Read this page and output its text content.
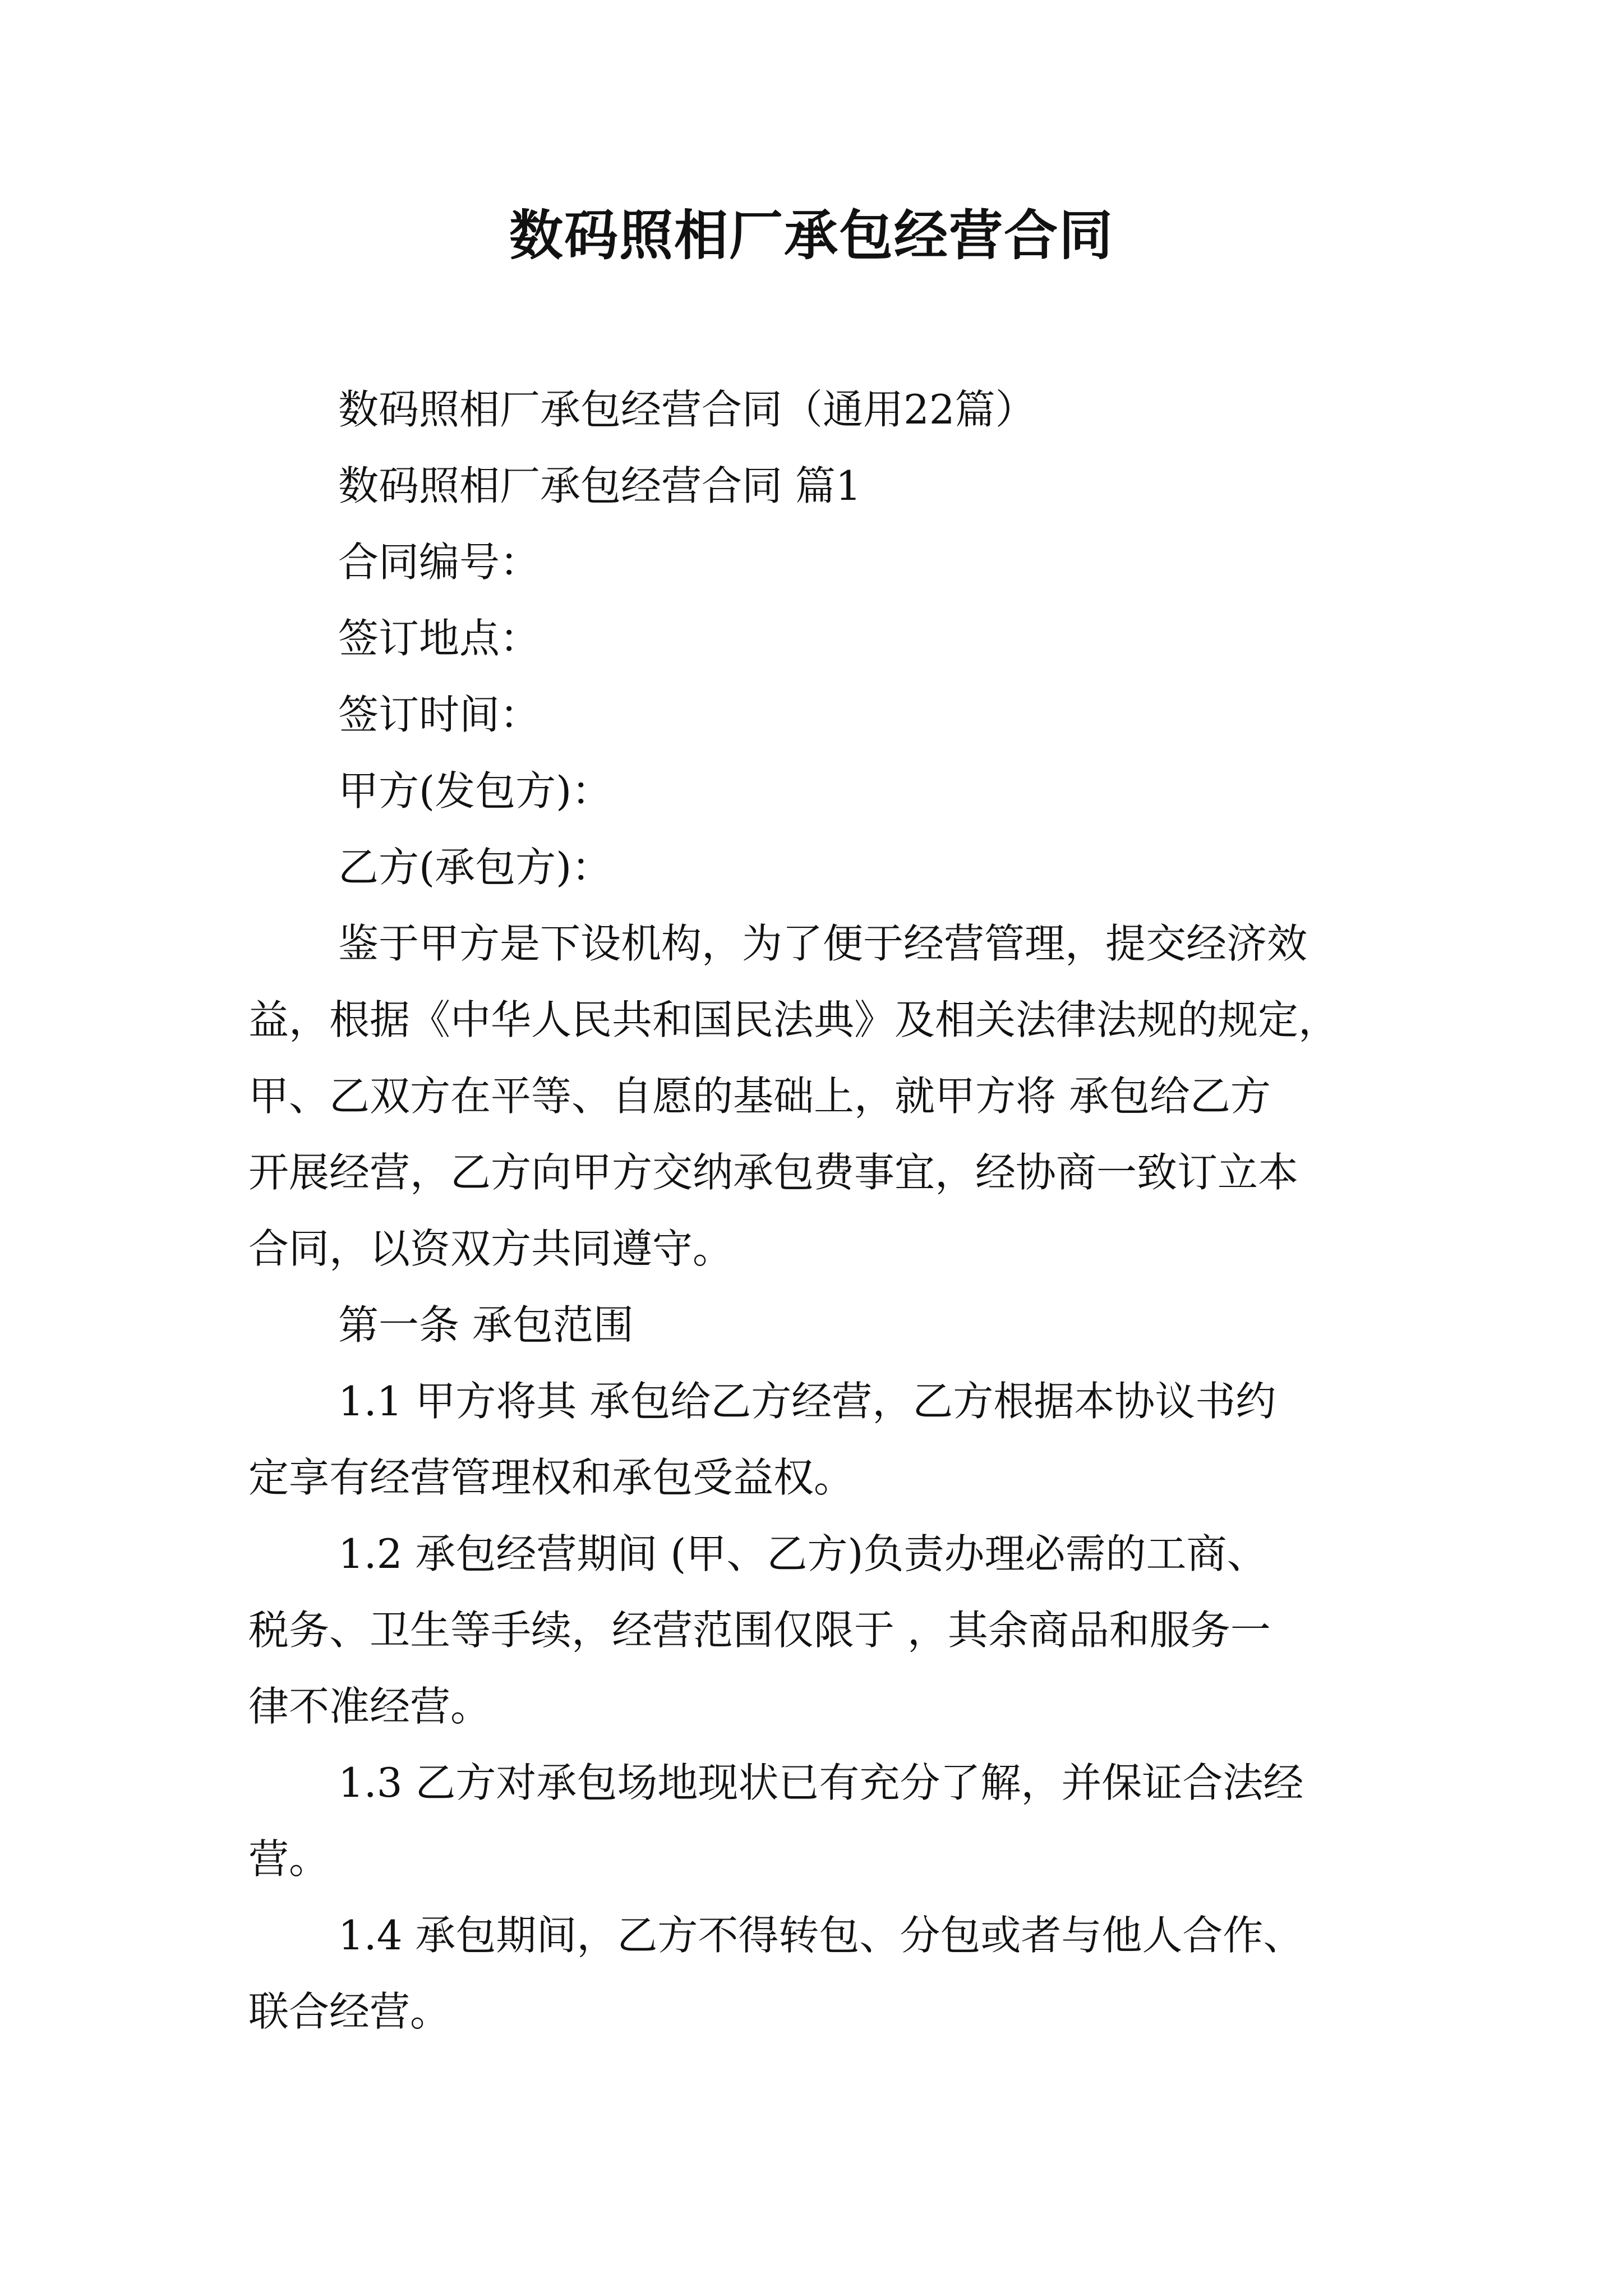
数码照相厂承包经营合同
数码照相厂承包经营合同（通用22篇）
数码照相厂承包经营合同 篇1
合同编号：
签订地点：
签订时间：
甲方(发包方)：
乙方(承包方)：
鉴于甲方是下设机构，为了便于经营管理，提交经济效
益，根据《中华人民共和国民法典》及相关法律法规的规定，
甲、乙双方在平等、自愿的基础上，就甲方将 承包给乙方
开展经营，乙方向甲方交纳承包费事宜，经协商一致订立本
合同，以资双方共同遵守。
第一条 承包范围
1.1 甲方将其 承包给乙方经营，乙方根据本协议书约
定享有经营管理权和承包受益权。
1.2 承包经营期间 (甲、乙方)负责办理必需的工商、
税务、卫生等手续，经营范围仅限于 ，其余商品和服务一
律不准经营。
1.3 乙方对承包场地现状已有充分了解，并保证合法经
营。
1.4 承包期间，乙方不得转包、分包或者与他人合作、
联合经营。
